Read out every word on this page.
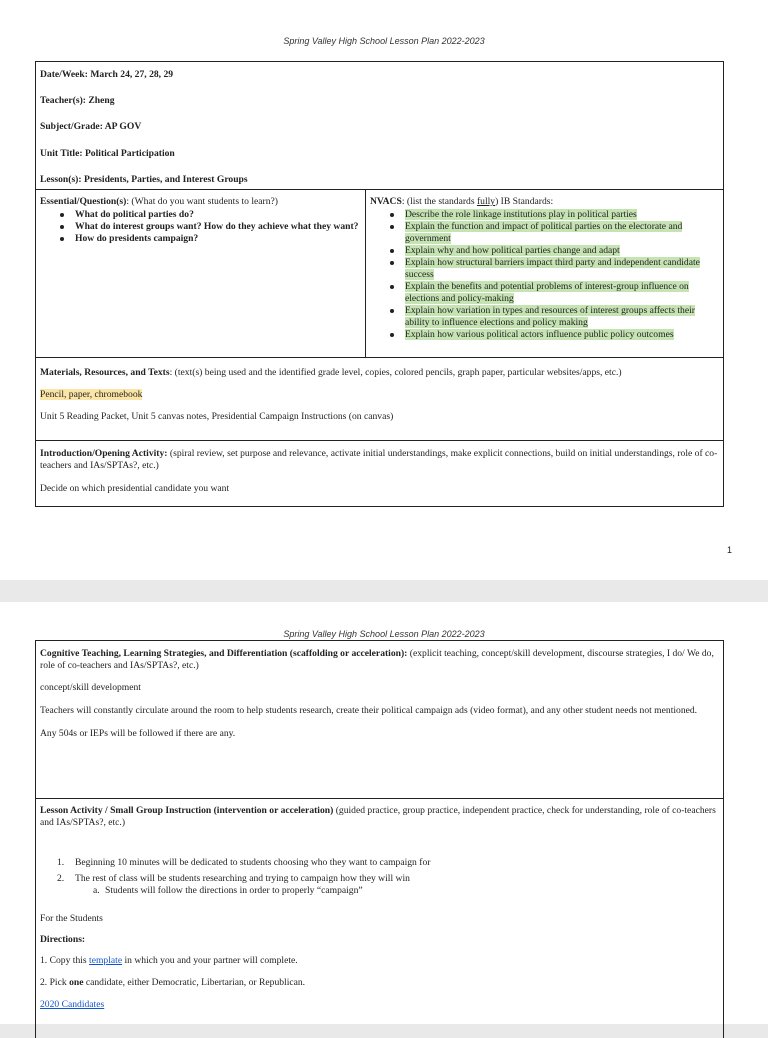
Spring Valley High School Lesson Plan 2022-2023

Date/Week: March 24, 27, 28, 29

Teacher(s): Zheng

Subject/Grade: AP GOV

Unit Title: Political Participation

Lesson(s): Presidents, Parties, and Interest Groups

Essential/Question(s): (What do you want students to learn?)

What do political parties do?
What do interest groups want? How do they achieve what they want?
How do presidents campaign?

NVACS: (list the standards fully) IB Standards:

Describe the role linkage institutions play in political parties
Explain the function and impact of political parties on the electorate and government
Explain why and how political parties change and adapt
Explain how structural barriers impact third party and independent candidate success
Explain the benefits and potential problems of interest-group influence on elections and policy-making
Explain how variation in types and resources of interest groups affects their ability to influence elections and policy making
Explain how various political actors influence public policy outcomes

Materials, Resources, and Texts: (text(s) being used and the identified grade level, copies, colored pencils, graph paper, particular websites/apps, etc.)

Pencil, paper, chromebook

Unit 5 Reading Packet, Unit 5 canvas notes, Presidential Campaign Instructions (on canvas)

Introduction/Opening Activity: (spiral review, set purpose and relevance, activate initial understandings, make explicit connections, build on initial understandings, role of co-teachers and IAs/SPTAs?, etc.)

Decide on which presidential candidate you want

1
Spring Valley High School Lesson Plan 2022-2023

Cognitive Teaching, Learning Strategies, and Differentiation (scaffolding or acceleration): (explicit teaching, concept/skill development, discourse strategies, I do/ We do, role of co-teachers and IAs/SPTAs?, etc.)

concept/skill development

Teachers will constantly circulate around the room to help students research, create their political campaign ads (video format), and any other student needs not mentioned.

Any 504s or IEPs will be followed if there are any.

Lesson Activity / Small Group Instruction (intervention or acceleration) (guided practice, group practice, independent practice, check for understanding, role of co-teachers and IAs/SPTAs?, etc.)

1. Beginning 10 minutes will be dedicated to students choosing who they want to campaign for
2. The rest of class will be students researching and trying to campaign how they will win
a. Students will follow the directions in order to properly “campaign”

For the Students

Directions:

1. Copy this template in which you and your partner will complete.

2. Pick one candidate, either Democratic, Libertarian, or Republican.

2020 Candidates
